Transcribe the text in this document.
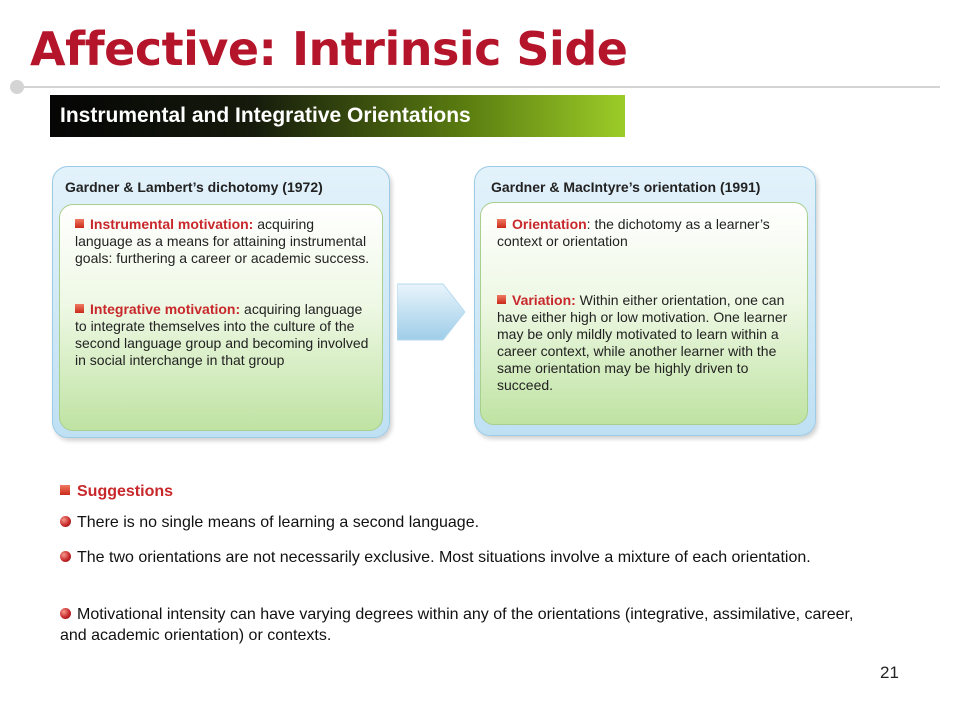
Affective: Intrinsic Side
Instrumental and Integrative Orientations
Gardner & Lambert’s dichotomy (1972)
Instrumental motivation: acquiring language as a means for attaining instrumental goals: furthering a career or academic success.
Integrative motivation: acquiring language to integrate themselves into the culture of the second language group and becoming involved in social interchange in that group
Gardner & MacIntyre’s orientation (1991)
Orientation: the dichotomy as a learner’s context or orientation
Variation: Within either orientation, one can have either high or low motivation. One learner may be only mildly motivated to learn within a career context, while another learner with the same orientation may be highly driven to succeed.
Suggestions
There is no single means of learning a second language.
The two orientations are not necessarily exclusive. Most situations involve a mixture of each orientation.
Motivational intensity can have varying degrees within any of the orientations (integrative, assimilative, career, and academic orientation) or contexts.
21
